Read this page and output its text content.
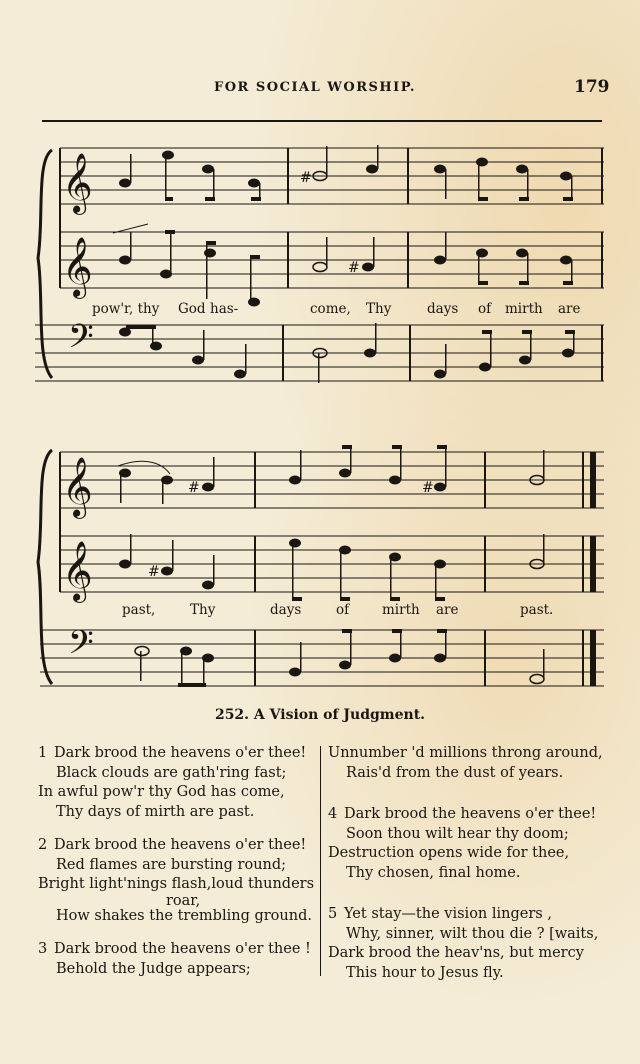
FOR SOCIAL WORSHIP.	179
𝄞
𝄞
𝄢
#
#
pow'r, thy God has-	come, Thy	days of mirth are
𝄞
𝄞
𝄢
#	#
#
past,	Thy	days	of mirth are	past.
252. A Vision of Judgment.
1 Dark brood the heavens o'er thee!
Black clouds are gath'ring fast;
In awful pow'r thy God has come,
Thy days of mirth are past.
2 Dark brood the heavens o'er thee!
Red flames are bursting round;
Bright light'nings flash,loud thunders
roar,
How shakes the trembling ground.
3 Dark brood the heavens o'er thee !
Behold the Judge appears;
Unnumber 'd millions throng around,
Rais'd from the dust of years.
4 Dark brood the heavens o'er thee!
Soon thou wilt hear thy doom;
Destruction opens wide for thee,
Thy chosen, final home.
5 Yet stay—the vision lingers ,
Why, sinner, wilt thou die ? [waits,
Dark brood the heav'ns, but mercy
This hour to Jesus fly.
